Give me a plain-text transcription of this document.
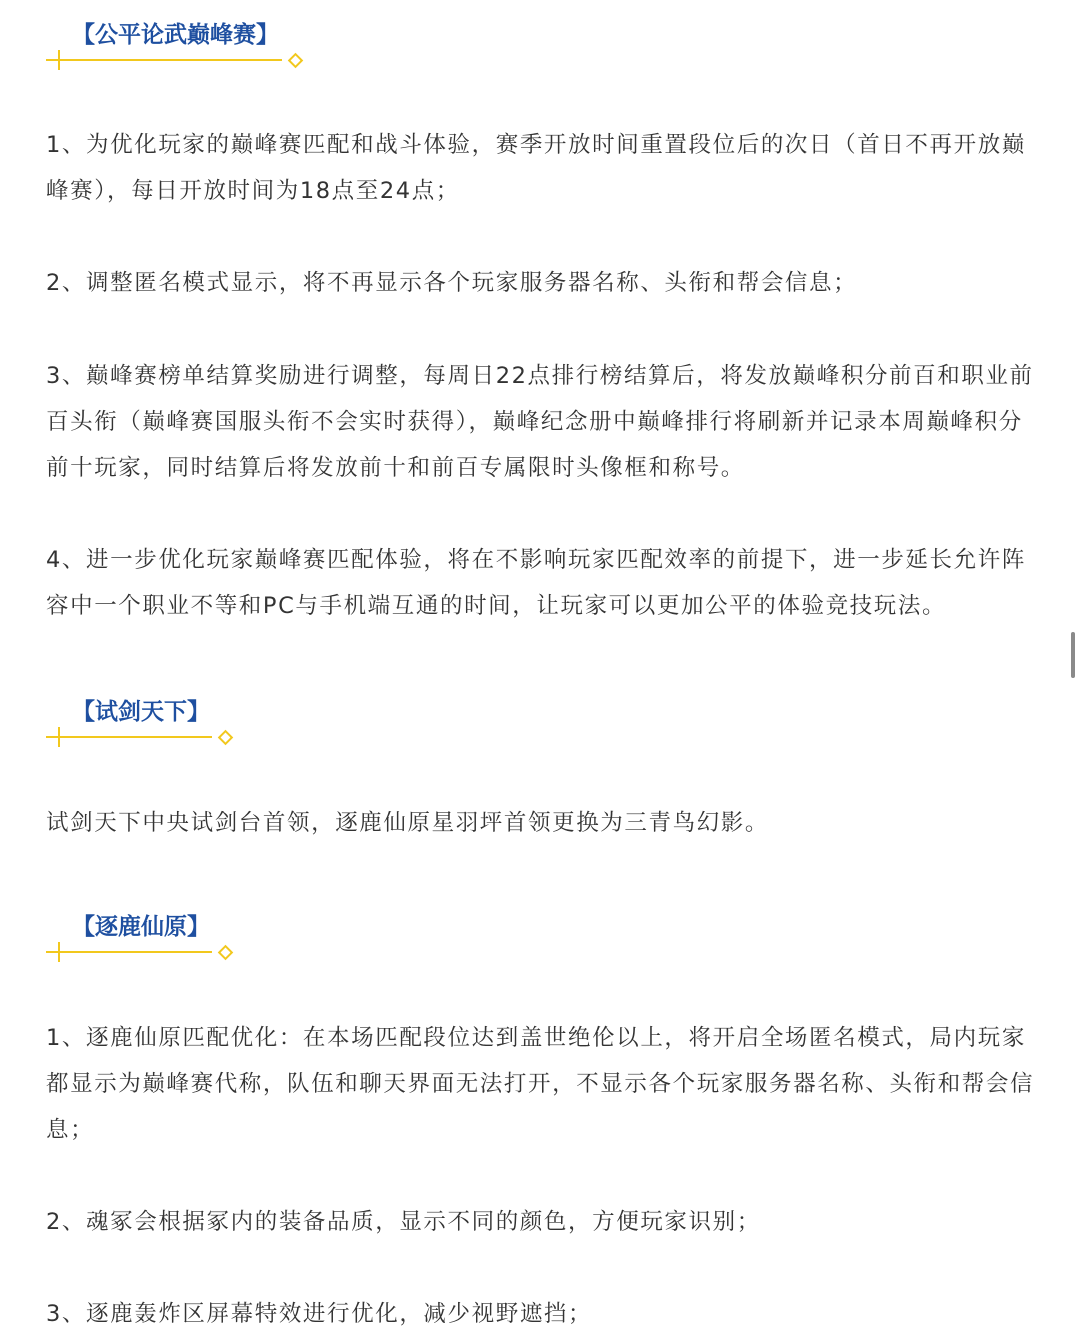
【公平论武巅峰赛】

1、为优化玩家的巅峰赛匹配和战斗体验，赛季开放时间重置段位后的次日（首日不再开放巅峰赛），每日开放时间为18点至24点；

2、调整匿名模式显示，将不再显示各个玩家服务器名称、头衔和帮会信息；

3、巅峰赛榜单结算奖励进行调整，每周日22点排行榜结算后，将发放巅峰积分前百和职业前百头衔（巅峰赛国服头衔不会实时获得），巅峰纪念册中巅峰排行将刷新并记录本周巅峰积分前十玩家，同时结算后将发放前十和前百专属限时头像框和称号。

4、进一步优化玩家巅峰赛匹配体验，将在不影响玩家匹配效率的前提下，进一步延长允许阵容中一个职业不等和PC与手机端互通的时间，让玩家可以更加公平的体验竞技玩法。

【试剑天下】

试剑天下中央试剑台首领，逐鹿仙原星羽坪首领更换为三青鸟幻影。

【逐鹿仙原】

1、逐鹿仙原匹配优化：在本场匹配段位达到盖世绝伦以上，将开启全场匿名模式，局内玩家都显示为巅峰赛代称，队伍和聊天界面无法打开，不显示各个玩家服务器名称、头衔和帮会信息；

2、魂冢会根据冢内的装备品质，显示不同的颜色，方便玩家识别；

3、逐鹿轰炸区屏幕特效进行优化，减少视野遮挡；
